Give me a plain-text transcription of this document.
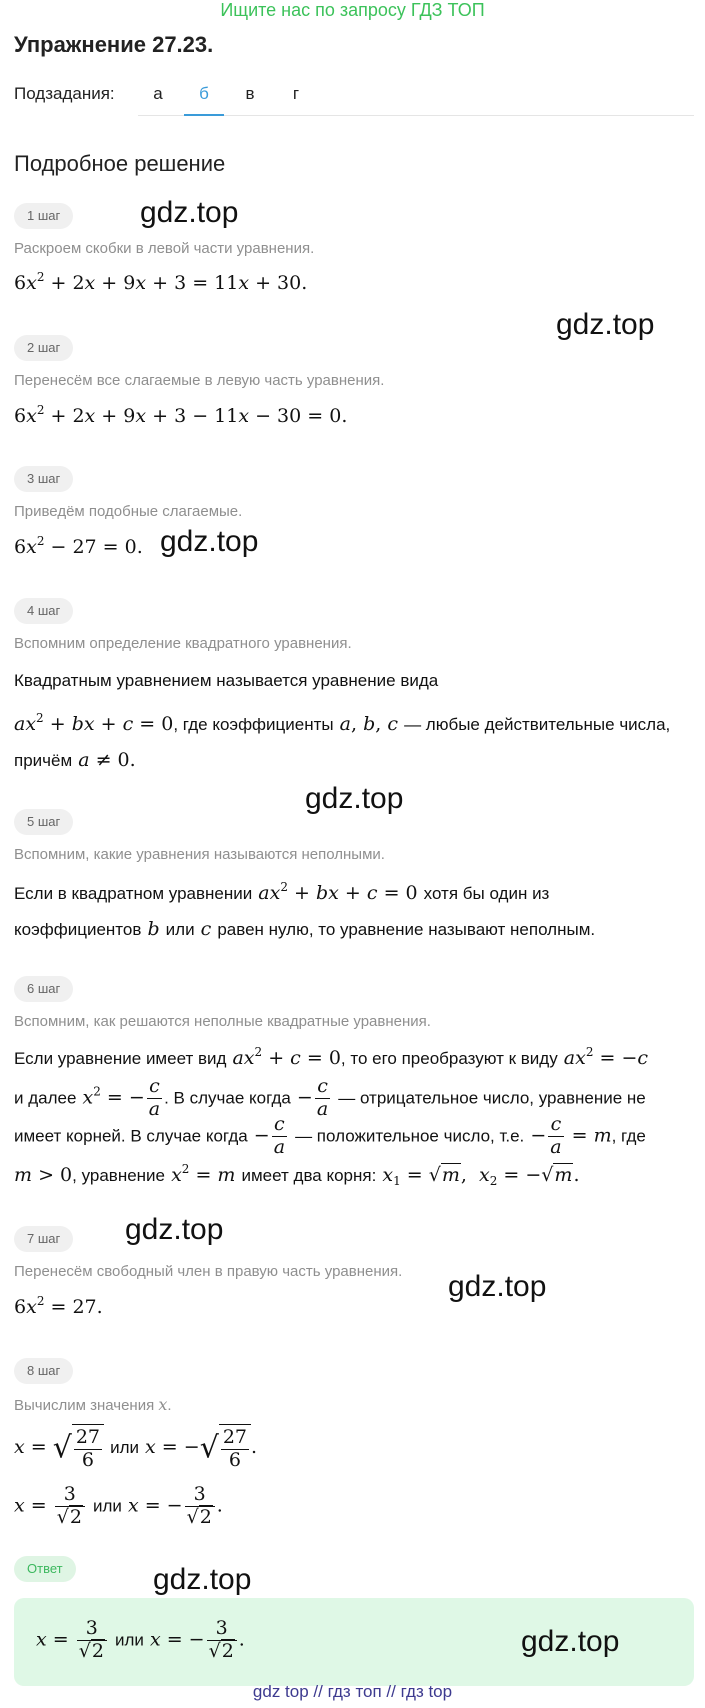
Ищите нас по запросу ГДЗ ТОП
Упражнение 27.23.
Подзадания:	а	б	в	г
Подробное решение
1 шаг
Раскроем скобки в левой части уравнения.
$6x^2 + 2x + 9x + 3 = 11x + 30$.
2 шаг
Перенесём все слагаемые в левую часть уравнения.
$6x^2 + 2x + 9x + 3 - 11x - 30 = 0$.
3 шаг
Приведём подобные слагаемые.
$6x^2 - 27 = 0$.
4 шаг
Вспомним определение квадратного уравнения.
Квадратным уравнением называется уравнение вида
$ax^2$ + bx + c = 0, где коэффициенты a, b, c — любые действительные числа,
причём a ≠ 0.
5 шаг
Вспомним, какие уравнения называются неполными.
Если в квадратном уравнении $ax^2$ + bx + c = 0 хотя бы один из
коэффициентов b или c равен нулю, то уравнение называют неполным.
6 шаг
Вспомним, как решаются неполные квадратные уравнения.
Если уравнение имеет вид $ax^2 + c = 0$, то его преобразуют к виду $ax^2 = -c$
и далее $x^2$ = − $\frac{c}{a}$ . В случае когда − $\frac{c}{a}$ — отрицательное число, уравнение не
имеет корней. В случае когда − $\frac{c}{a}$ — положительное число, т.е. − $\frac{c}{a} = m$, где
m > 0, уравнение $x^2 = m$ имеет два корня: $x_1 = √m$,  $x_2 = -√m$.
7 шаг
Перенесём свободный член в правую часть уравнения.
$6x^2 = 27$.
8 шаг
Вычислим значения x.
x = √ $\frac{27}{6}$ или x = −√ $\frac{27}{6}$ .
$x = \frac{3}{√2}$ или x = − $\frac{3}{√2}$ .
Ответ
$x = \frac{3}{√2}$ или x = − $\frac{3}{√2}$ .
gdz.top
gdz.top
gdz.top
gdz.top
gdz.top
gdz.top
gdz.top
gdz.top
gdz top // гдз топ // гдз top
